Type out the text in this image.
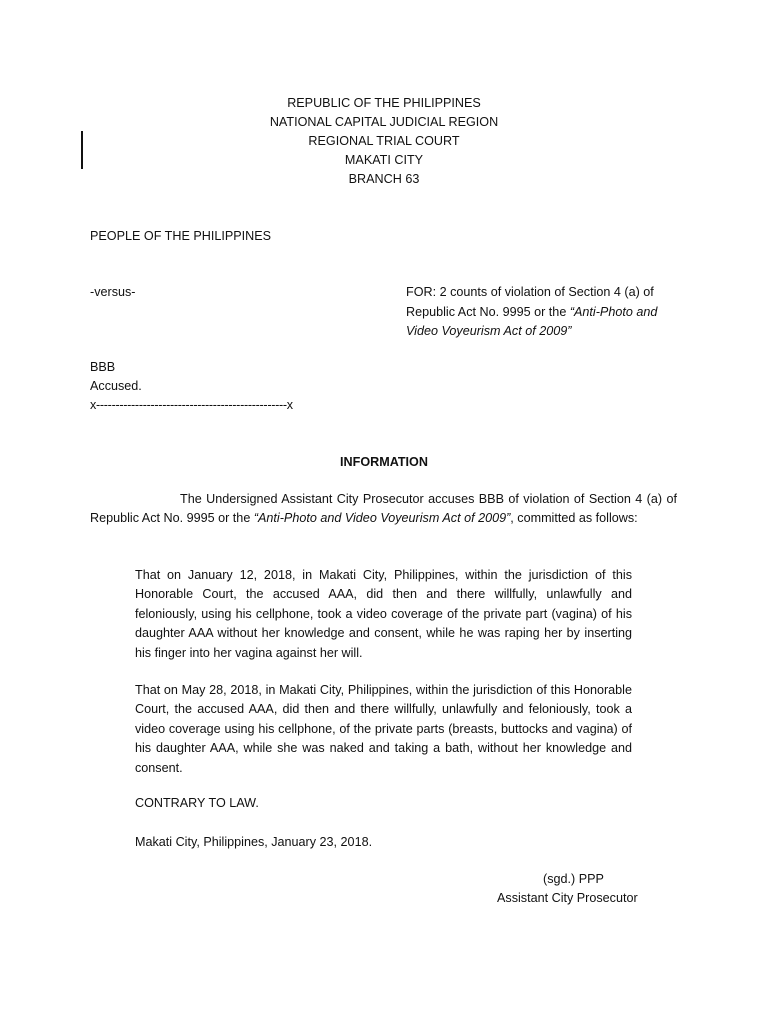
REPUBLIC OF THE PHILIPPINES
NATIONAL CAPITAL JUDICIAL REGION
REGIONAL TRIAL COURT
MAKATI CITY
BRANCH 63
PEOPLE OF THE PHILIPPINES
-versus-	FOR: 2 counts of violation of Section 4 (a) of Republic Act No. 9995 or the “Anti-Photo and Video Voyeurism Act of 2009”
BBB
Accused.
x-------------------------------------------------x
INFORMATION
The Undersigned Assistant City Prosecutor accuses BBB of violation of Section 4 (a) of Republic Act No. 9995 or the “Anti-Photo and Video Voyeurism Act of 2009”, committed as follows:
That on January 12, 2018, in Makati City, Philippines, within the jurisdiction of this Honorable Court, the accused AAA, did then and there willfully, unlawfully and feloniously, using his cellphone, took a video coverage of the private part (vagina) of his daughter AAA without her knowledge and consent, while he was raping her by inserting his finger into her vagina against her will.
That on May 28, 2018, in Makati City, Philippines, within the jurisdiction of this Honorable Court, the accused AAA, did then and there willfully, unlawfully and feloniously, took a video coverage using his cellphone, of the private parts (breasts, buttocks and vagina) of his daughter AAA, while she was naked and taking a bath, without her knowledge and consent.
CONTRARY TO LAW.
Makati City, Philippines, January 23, 2018.
(sgd.) PPP
Assistant City Prosecutor
